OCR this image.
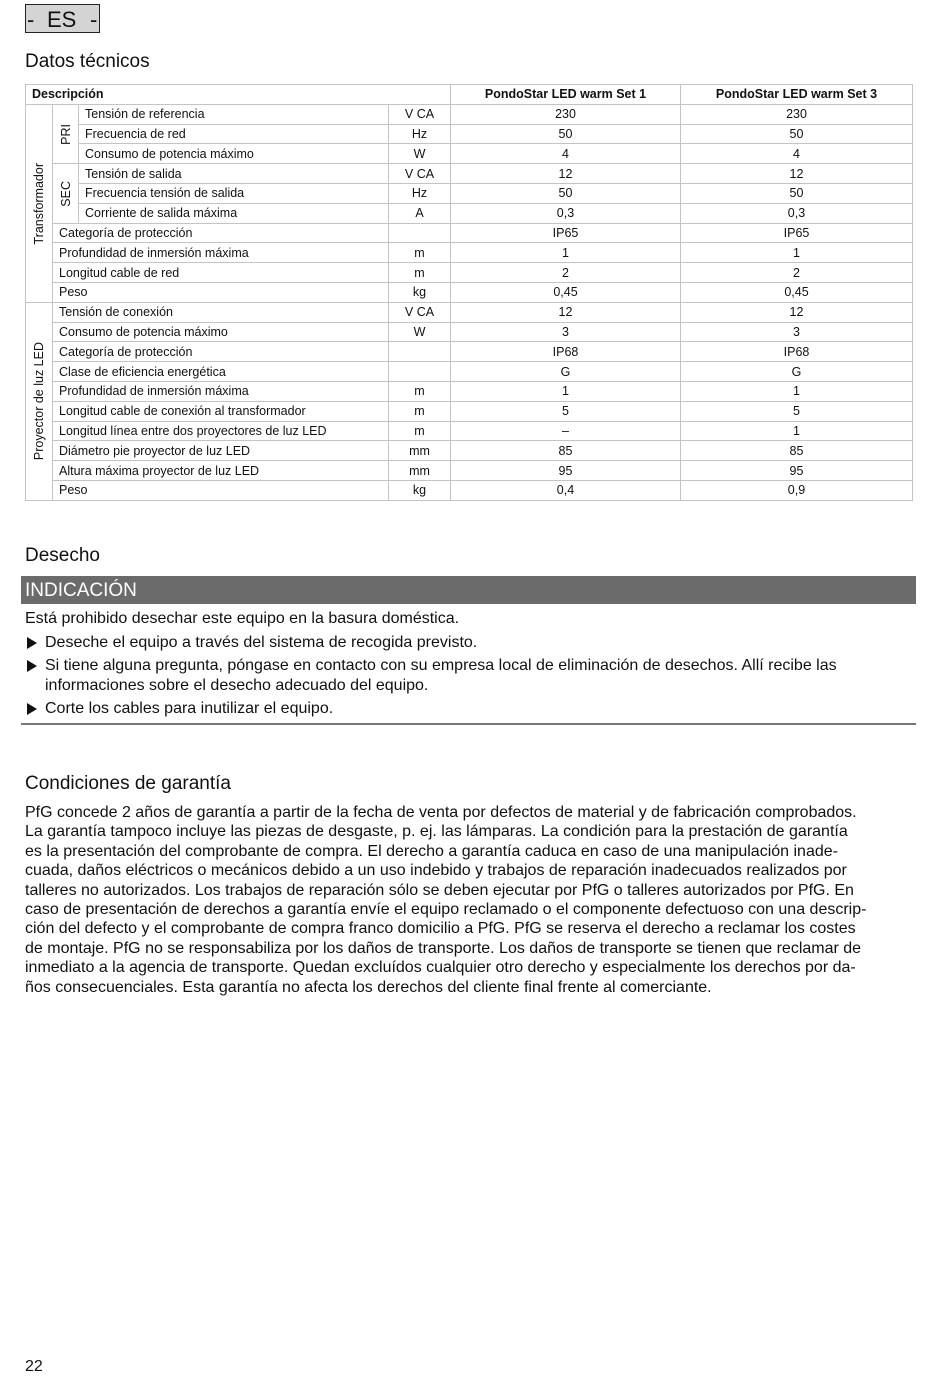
- ES -
Datos técnicos
Descripción				PondoStar LED warm Set 1	PondoStar LED warm Set 3

Transformador	PRI	Tensión de referencia	V CA	230	230
		Frecuencia de red	Hz	50	50
		Consumo de potencia máximo	W	4	4

	SEC	Tensión de salida	V CA	12	12
		Frecuencia tensión de salida	Hz	50	50
		Corriente de salida máxima	A	0,3	0,3
	Categoría de protección			IP65	IP65
	Profundidad de inmersión máxima		m	1	1
	Longitud cable de red		m	2	2
	Peso		kg	0,45	0,45

Proyector de luz LED	Tensión de conexión		V CA	12	12
	Consumo de potencia máximo		W	3	3
	Categoría de protección			IP68	IP68
	Clase de eficiencia energética			G	G
	Profundidad de inmersión máxima		m	1	1
	Longitud cable de conexión al transformador		m	5	5
	Longitud línea entre dos proyectores de luz LED		m	–	1
	Diámetro pie proyector de luz LED		mm	85	85
	Altura máxima proyector de luz LED		mm	95	95
	Peso		kg	0,4	0,9
Desecho
INDICACIÓN
Está prohibido desechar este equipo en la basura doméstica.
Deseche el equipo a través del sistema de recogida previsto.
Si tiene alguna pregunta, póngase en contacto con su empresa local de eliminación de desechos. Allí recibe las informaciones sobre el desecho adecuado del equipo.
Corte los cables para inutilizar el equipo.
Condiciones de garantía
PfG concede 2 años de garantía a partir de la fecha de venta por defectos de material y de fabricación comprobados.
La garantía tampoco incluye las piezas de desgaste, p. ej. las lámparas. La condición para la prestación de garantía
es la presentación del comprobante de compra. El derecho a garantía caduca en caso de una manipulación inade-
cuada, daños eléctricos o mecánicos debido a un uso indebido y trabajos de reparación inadecuados realizados por
talleres no autorizados. Los trabajos de reparación sólo se deben ejecutar por PfG o talleres autorizados por PfG. En
caso de presentación de derechos a garantía envíe el equipo reclamado o el componente defectuoso con una descrip-
ción del defecto y el comprobante de compra franco domicilio a PfG. PfG se reserva el derecho a reclamar los costes
de montaje. PfG no se responsabiliza por los daños de transporte. Los daños de transporte se tienen que reclamar de
inmediato a la agencia de transporte. Quedan excluídos cualquier otro derecho y especialmente los derechos por da-
ños consecuenciales. Esta garantía no afecta los derechos del cliente final frente al comerciante.
22
